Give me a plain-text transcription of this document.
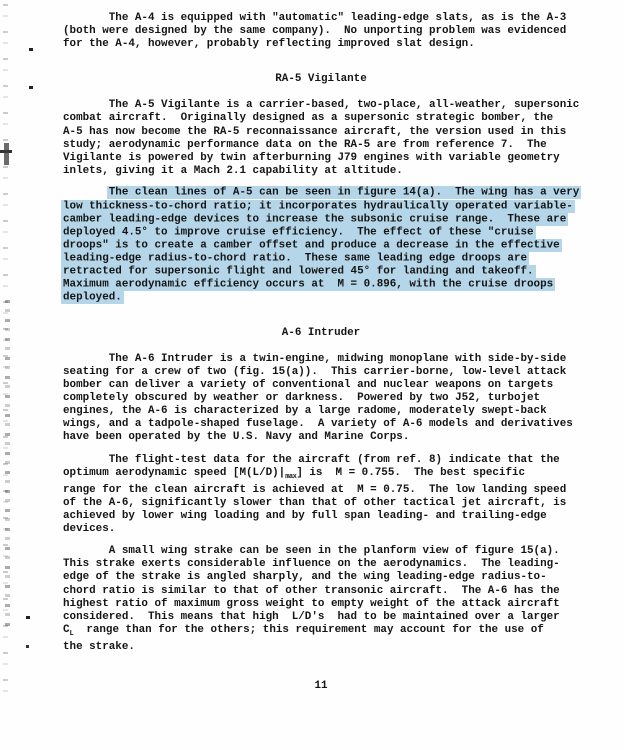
The A-4 is equipped with "automatic" leading-edge slats, as is the A-3
(both were designed by the same company).  No unporting problem was evidenced
for the A-4, however, probably reflecting improved slat design.
RA-5 Vigilante
The A-5 Vigilante is a carrier-based, two-place, all-weather, supersonic
combat aircraft.  Originally designed as a supersonic strategic bomber, the
A-5 has now become the RA-5 reconnaissance aircraft, the version used in this
study; aerodynamic performance data on the RA-5 are from reference 7.  The
Vigilante is powered by twin afterburning J79 engines with variable geometry
inlets, giving it a Mach 2.1 capability at altitude.
The clean lines of A-5 can be seen in figure 14(a).  The wing has a very
low thickness-to-chord ratio; it incorporates hydraulically operated variable-
camber leading-edge devices to increase the subsonic cruise range.  These are
deployed 4.5° to improve cruise efficiency.  The effect of these "cruise
droops" is to create a camber offset and produce a decrease in the effective
leading-edge radius-to-chord ratio.  These same leading edge droops are
retracted for supersonic flight and lowered 45° for landing and takeoff.
Maximum aerodynamic efficiency occurs at  M = 0.896, with the cruise droops
deployed.
A-6 Intruder
The A-6 Intruder is a twin-engine, midwing monoplane with side-by-side
seating for a crew of two (fig. 15(a)).  This carrier-borne, low-level attack
bomber can deliver a variety of conventional and nuclear weapons on targets
completely obscured by weather or darkness.  Powered by two J52, turbojet
engines, the A-6 is characterized by a large radome, moderately swept-back
wings, and a tadpole-shaped fuselage.  A variety of A-6 models and derivatives
have been operated by the U.S. Navy and Marine Corps.
The flight-test data for the aircraft (from ref. 8) indicate that the
optimum aerodynamic speed $[M(L/D)|_{max}]$ is  M = 0.755.  The best specific
range for the clean aircraft is achieved at  M = 0.75.  The low landing speed
of the A-6, significantly slower than that of other tactical jet aircraft, is
achieved by lower wing loading and by full span leading- and trailing-edge
devices.
A small wing strake can be seen in the planform view of figure 15(a).
This strake exerts considerable influence on the aerodynamics.  The leading-
edge of the strake is angled sharply, and the wing leading-edge radius-to-
chord ratio is similar to that of other transonic aircraft.  The A-6 has the
highest ratio of maximum gross weight to empty weight of the attack aircraft
considered.  This means that high  L/D's  had to be maintained over a larger
$C_L$  range than for the others; this requirement may account for the use of
the strake.
11
